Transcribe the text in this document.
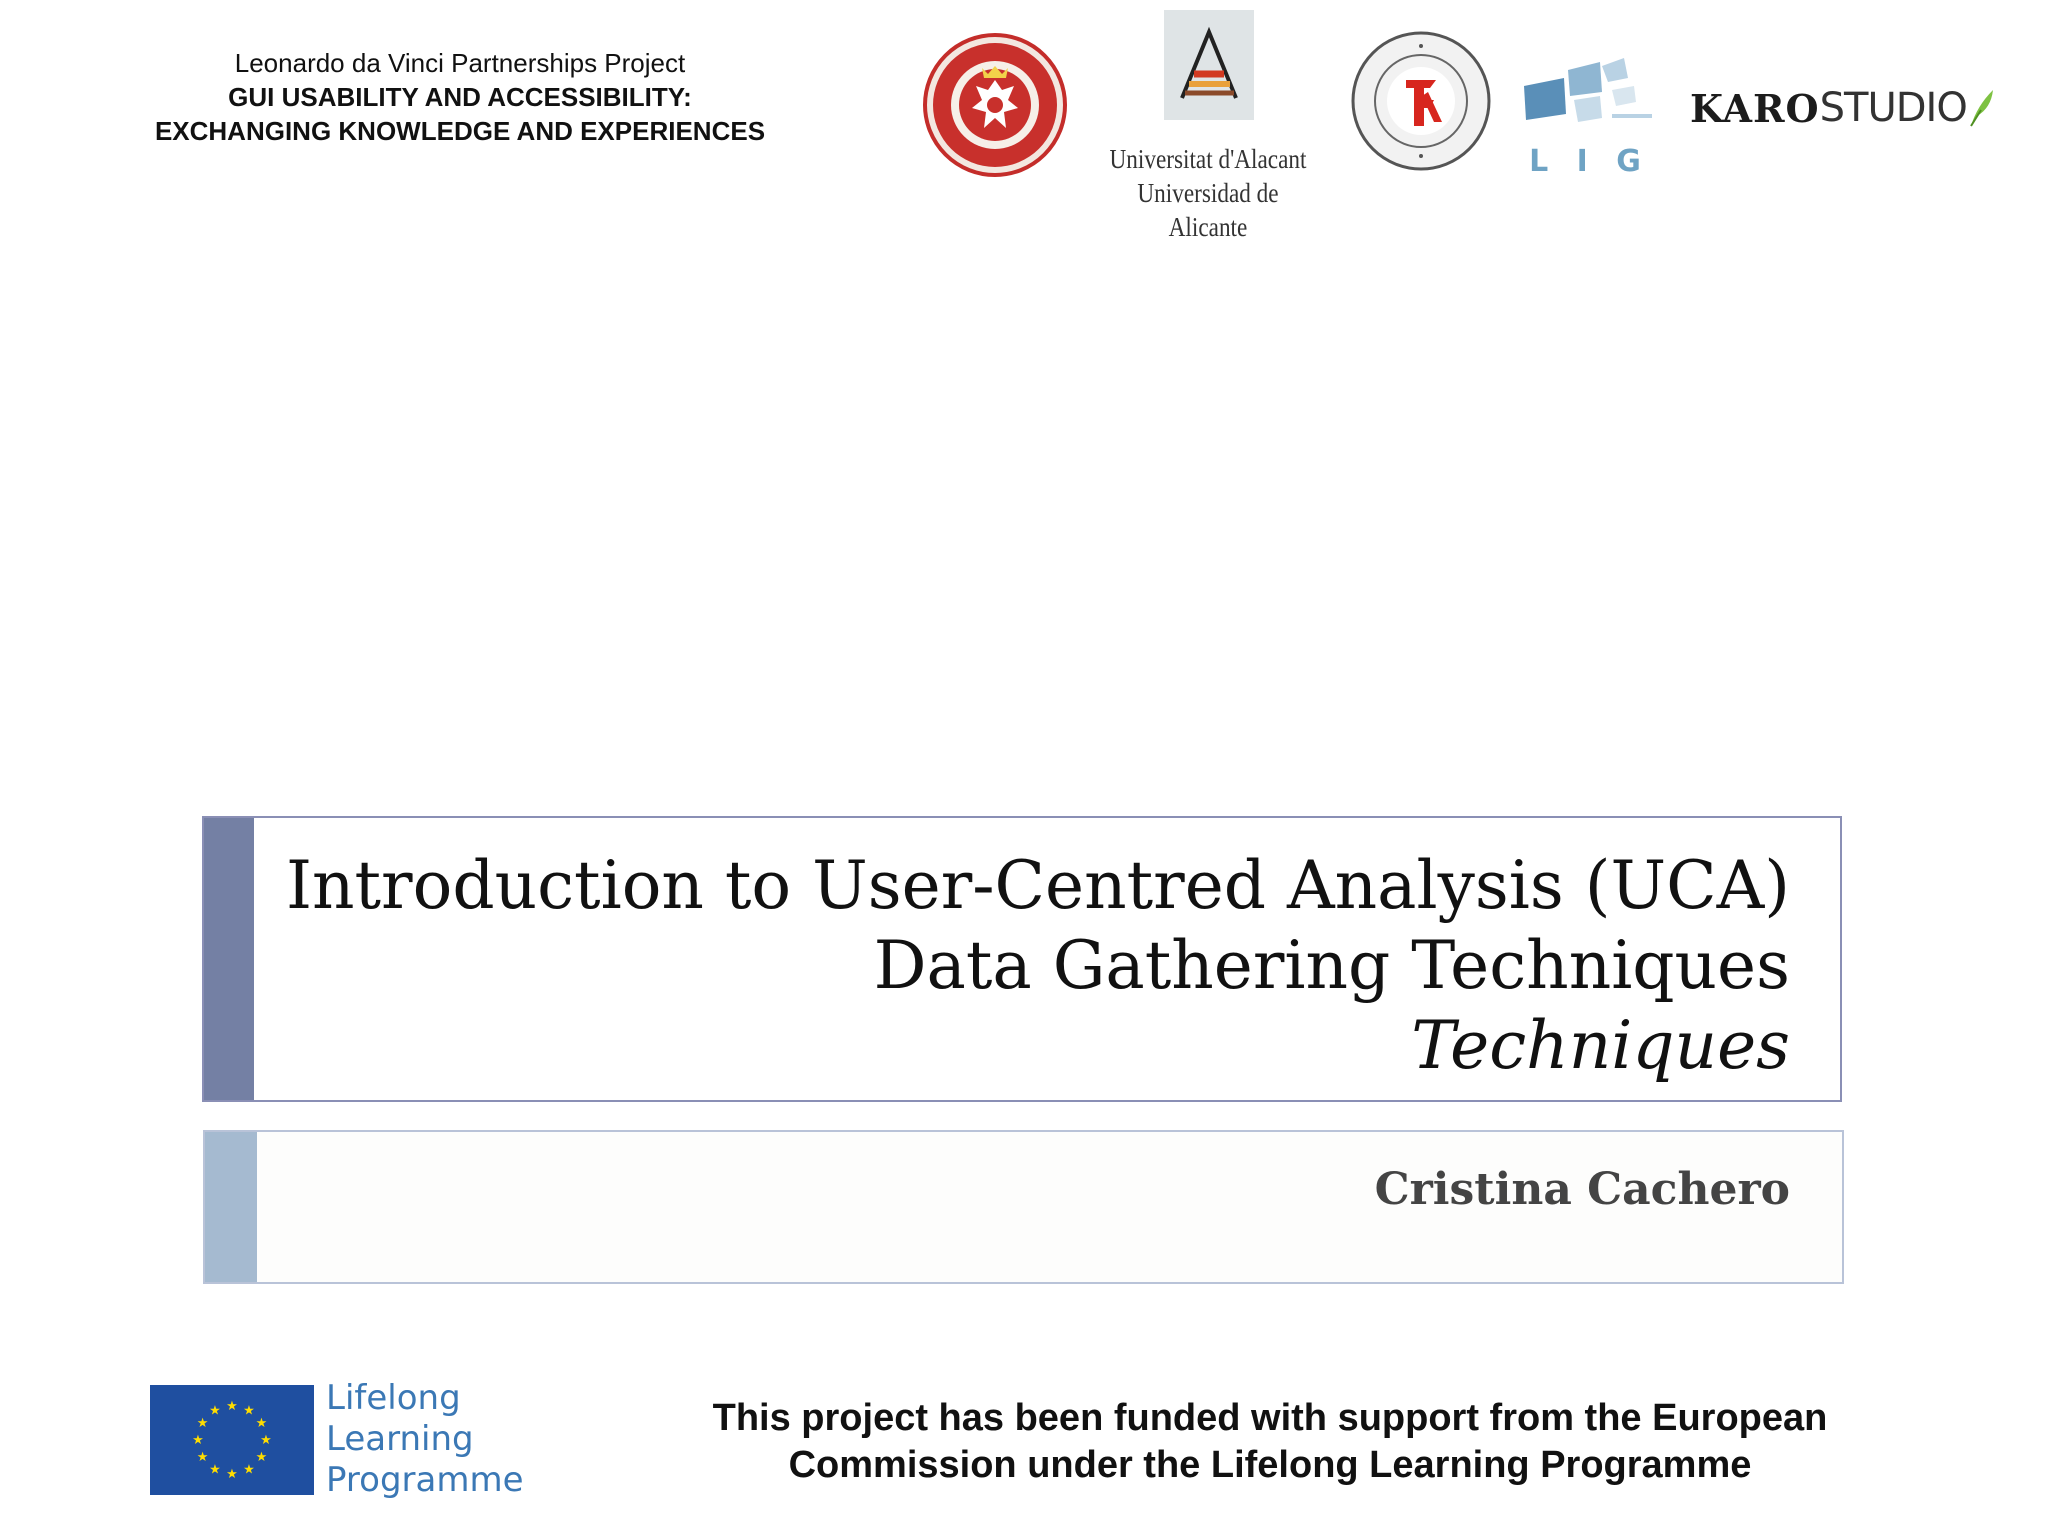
Leonardo da Vinci Partnerships Project
GUI USABILITY AND ACCESSIBILITY:
EXCHANGING KNOWLEDGE AND EXPERIENCES
Universitat d'Alacant
Universidad de Alicante
L I G
KARO STUDIO
Introduction to User-Centred Analysis (UCA)
Data Gathering Techniques
Techniques
Cristina Cachero
★ ★
★
★
★
★
★
★
★
★
★
★	Lifelong
Learning
Programme
This project has been funded with support from the European
Commission under the Lifelong Learning Programme
